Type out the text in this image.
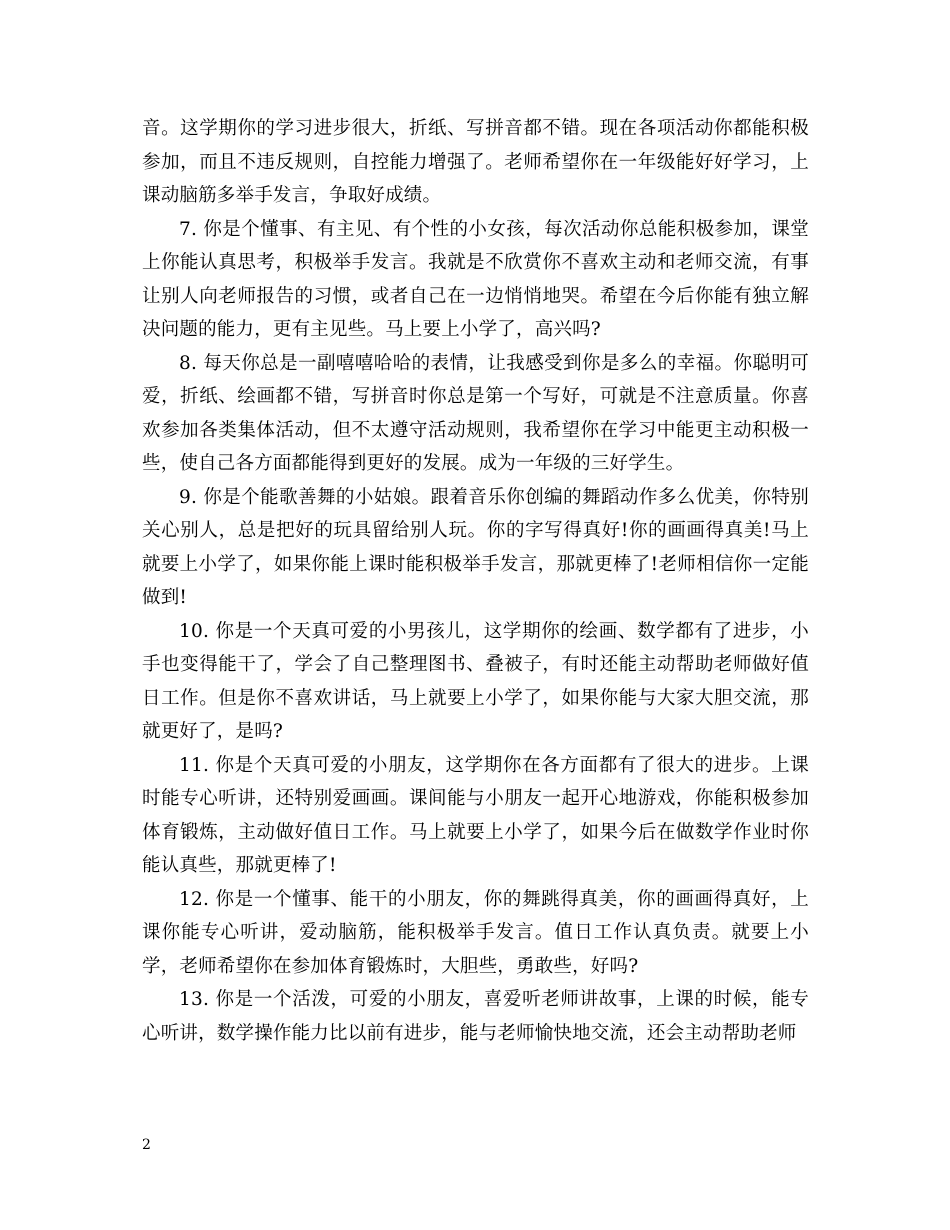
音。这学期你的学习进步很大，折纸、写拼音都不错。现在各项活动你都能积极参加，而且不违反规则，自控能力增强了。老师希望你在一年级能好好学习，上课动脑筋多举手发言，争取好成绩。

7. 你是个懂事、有主见、有个性的小女孩，每次活动你总能积极参加，课堂上你能认真思考，积极举手发言。我就是不欣赏你不喜欢主动和老师交流，有事让别人向老师报告的习惯，或者自己在一边悄悄地哭。希望在今后你能有独立解决问题的能力，更有主见些。马上要上小学了，高兴吗?

8. 每天你总是一副嘻嘻哈哈的表情，让我感受到你是多么的幸福。你聪明可爱，折纸、绘画都不错，写拼音时你总是第一个写好，可就是不注意质量。你喜欢参加各类集体活动，但不太遵守活动规则，我希望你在学习中能更主动积极一些，使自己各方面都能得到更好的发展。成为一年级的三好学生。

9. 你是个能歌善舞的小姑娘。跟着音乐你创编的舞蹈动作多么优美，你特别关心别人，总是把好的玩具留给别人玩。你的字写得真好!你的画画得真美!马上就要上小学了，如果你能上课时能积极举手发言，那就更棒了!老师相信你一定能做到!

10. 你是一个天真可爱的小男孩儿，这学期你的绘画、数学都有了进步，小手也变得能干了，学会了自己整理图书、叠被子，有时还能主动帮助老师做好值日工作。但是你不喜欢讲话，马上就要上小学了，如果你能与大家大胆交流，那就更好了，是吗?

11. 你是个天真可爱的小朋友，这学期你在各方面都有了很大的进步。上课时能专心听讲，还特别爱画画。课间能与小朋友一起开心地游戏，你能积极参加体育锻炼，主动做好值日工作。马上就要上小学了，如果今后在做数学作业时你能认真些，那就更棒了!

12. 你是一个懂事、能干的小朋友，你的舞跳得真美，你的画画得真好，上课你能专心听讲，爱动脑筋，能积极举手发言。值日工作认真负责。就要上小学，老师希望你在参加体育锻炼时，大胆些，勇敢些，好吗?

13. 你是一个活泼，可爱的小朋友，喜爱听老师讲故事，上课的时候，能专心听讲，数学操作能力比以前有进步，能与老师愉快地交流，还会主动帮助老师

2
